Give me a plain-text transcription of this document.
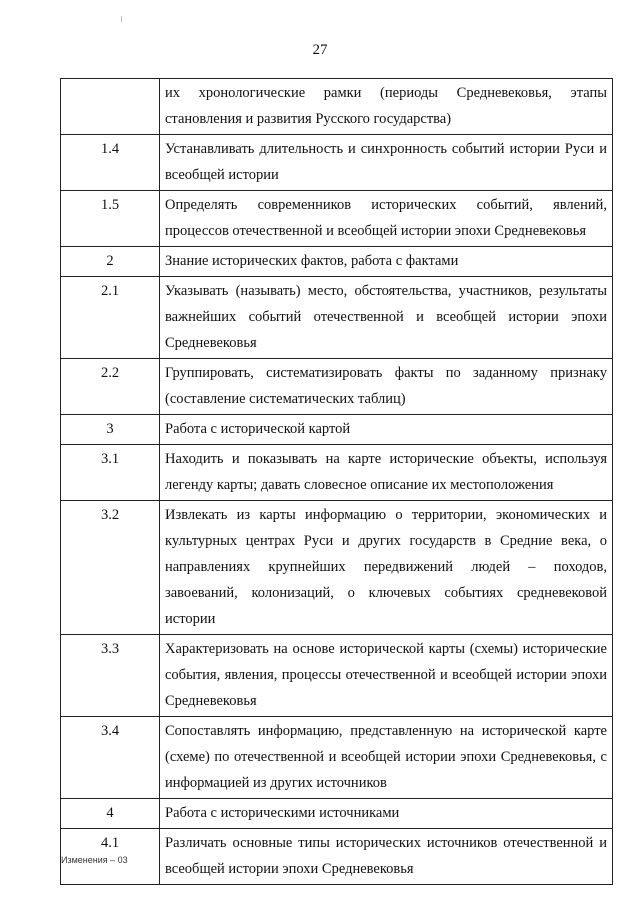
27
	их хронологические рамки (периоды Средневековья, этапы становления и развития Русского государства)
1.4	Устанавливать длительность и синхронность событий истории Руси и всеобщей истории
1.5	Определять современников исторических событий, явлений, процессов отечественной и всеобщей истории эпохи Средневековья
2	Знание исторических фактов, работа с фактами
2.1	Указывать (называть) место, обстоятельства, участников, результаты важнейших событий отечественной и всеобщей истории эпохи Средневековья
2.2	Группировать, систематизировать факты по заданному признаку (составление систематических таблиц)
3	Работа с исторической картой
3.1	Находить и показывать на карте исторические объекты, используя легенду карты; давать словесное описание их местоположения
3.2	Извлекать из карты информацию о территории, экономических и культурных центрах Руси и других государств в Средние века, о направлениях крупнейших передвижений людей – походов, завоеваний, колонизаций, о ключевых событиях средневековой истории
3.3	Характеризовать на основе исторической карты (схемы) исторические события, явления, процессы отечественной и всеобщей истории эпохи Средневековья
3.4	Сопоставлять информацию, представленную на исторической карте (схеме) по отечественной и всеобщей истории эпохи Средневековья, с информацией из других источников
4	Работа с историческими источниками
4.1	Различать основные типы исторических источников отечественной и всеобщей истории эпохи Средневековья
Изменения – 03
